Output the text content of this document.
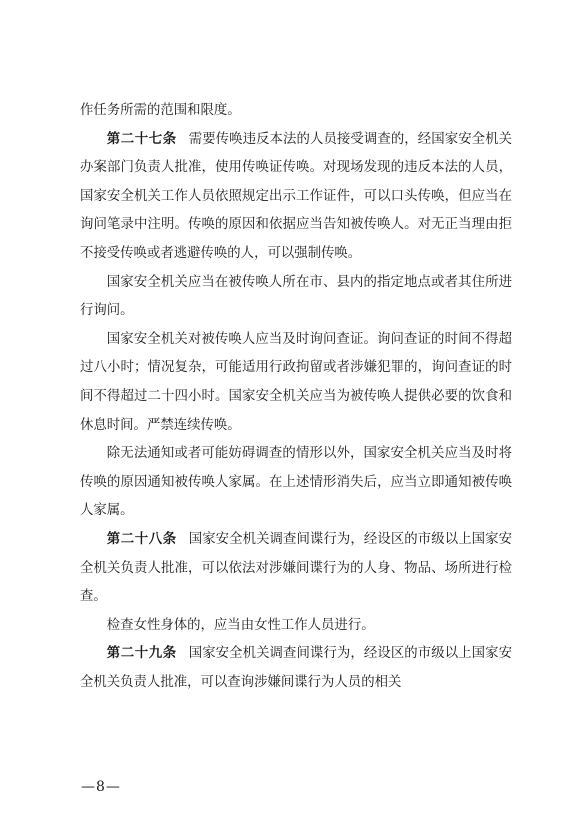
作任务所需的范围和限度。

第二十七条 需要传唤违反本法的人员接受调查的，经国家安全机关办案部门负责人批准，使用传唤证传唤。对现场发现的违反本法的人员，国家安全机关工作人员依照规定出示工作证件，可以口头传唤，但应当在询问笔录中注明。传唤的原因和依据应当告知被传唤人。对无正当理由拒不接受传唤或者逃避传唤的人，可以强制传唤。

国家安全机关应当在被传唤人所在市、县内的指定地点或者其住所进行询问。

国家安全机关对被传唤人应当及时询问查证。询问查证的时间不得超过八小时；情况复杂，可能适用行政拘留或者涉嫌犯罪的，询问查证的时间不得超过二十四小时。国家安全机关应当为被传唤人提供必要的饮食和休息时间。严禁连续传唤。

除无法通知或者可能妨碍调查的情形以外，国家安全机关应当及时将传唤的原因通知被传唤人家属。在上述情形消失后，应当立即通知被传唤人家属。

第二十八条 国家安全机关调查间谍行为，经设区的市级以上国家安全机关负责人批准，可以依法对涉嫌间谍行为的人身、物品、场所进行检查。

检查女性身体的，应当由女性工作人员进行。

第二十九条 国家安全机关调查间谍行为，经设区的市级以上国家安全机关负责人批准，可以查询涉嫌间谍行为人员的相关

—8—
